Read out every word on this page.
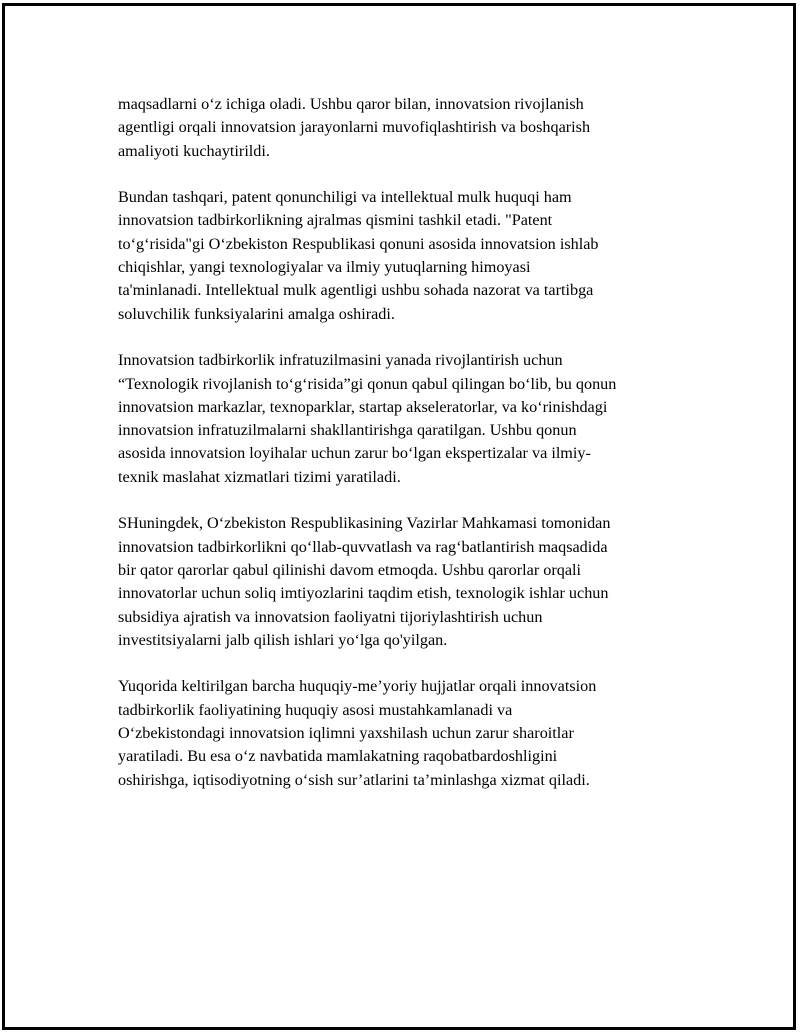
maqsadlarni o‘z ichiga oladi. Ushbu qaror bilan, innovatsion rivojlanish
agentligi orqali innovatsion jarayonlarni muvofiqlashtirish va boshqarish
amaliyoti kuchaytirildi.

Bundan tashqari, patent qonunchiligi va intellektual mulk huquqi ham
innovatsion tadbirkorlikning ajralmas qismini tashkil etadi. "Patent
to‘g‘risida"gi O‘zbekiston Respublikasi qonuni asosida innovatsion ishlab
chiqishlar, yangi texnologiyalar va ilmiy yutuqlarning himoyasi
ta'minlanadi. Intellektual mulk agentligi ushbu sohada nazorat va tartibga
soluvchilik funksiyalarini amalga oshiradi.

Innovatsion tadbirkorlik infratuzilmasini yanada rivojlantirish uchun
“Texnologik rivojlanish to‘g‘risida”gi qonun qabul qilingan bo‘lib, bu qonun
innovatsion markazlar, texnoparklar, startap akseleratorlar, va ko‘rinishdagi
innovatsion infratuzilmalarni shakllantirishga qaratilgan. Ushbu qonun
asosida innovatsion loyihalar uchun zarur bo‘lgan ekspertizalar va ilmiy-
texnik maslahat xizmatlari tizimi yaratiladi.

SHuningdek, O‘zbekiston Respublikasining Vazirlar Mahkamasi tomonidan
innovatsion tadbirkorlikni qo‘llab-quvvatlash va rag‘batlantirish maqsadida
bir qator qarorlar qabul qilinishi davom etmoqda. Ushbu qarorlar orqali
innovatorlar uchun soliq imtiyozlarini taqdim etish, texnologik ishlar uchun
subsidiya ajratish va innovatsion faoliyatni tijoriylashtirish uchun
investitsiyalarni jalb qilish ishlari yo‘lga qo'yilgan.

Yuqorida keltirilgan barcha huquqiy-me’yoriy hujjatlar orqali innovatsion
tadbirkorlik faoliyatining huquqiy asosi mustahkamlanadi va
O‘zbekistondagi innovatsion iqlimni yaxshilash uchun zarur sharoitlar
yaratiladi. Bu esa o‘z navbatida mamlakatning raqobatbardoshligini
oshirishga, iqtisodiyotning o‘sish sur’atlarini ta’minlashga xizmat qiladi.
